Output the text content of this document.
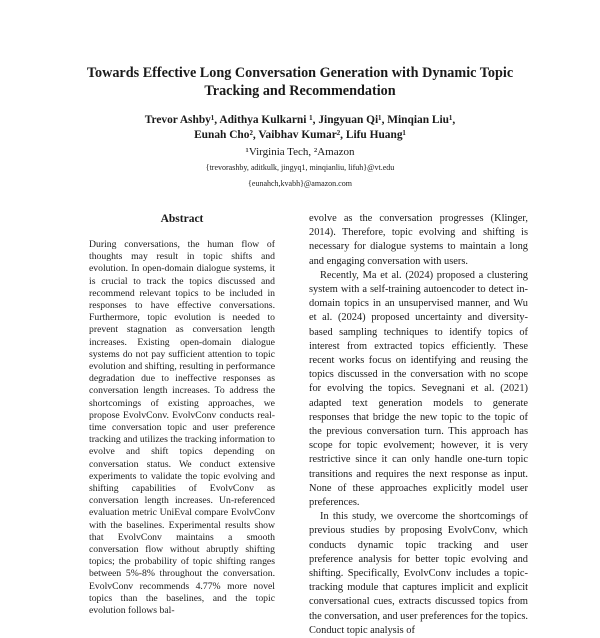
Towards Effective Long Conversation Generation with Dynamic Topic Tracking and Recommendation
Trevor Ashby¹, Adithya Kulkarni ¹, Jingyuan Qi¹, Minqian Liu¹,
Eunah Cho², Vaibhav Kumar², Lifu Huang¹
¹Virginia Tech, ²Amazon
{trevorashby, aditkulk, jingyq1, minqianliu, lifuh}@vt.edu
{eunahch,kvabh}@amazon.com
Abstract

During conversations, the human flow of thoughts may result in topic shifts and evolution. In open-domain dialogue systems, it is crucial to track the topics discussed and recommend relevant topics to be included in responses to have effective conversations. Furthermore, topic evolution is needed to prevent stagnation as conversation length increases. Existing open-domain dialogue systems do not pay sufficient attention to topic evolution and shifting, resulting in performance degradation due to ineffective responses as conversation length increases. To address the shortcomings of existing approaches, we propose EvolvConv. EvolvConv conducts real-time conversation topic and user preference tracking and utilizes the tracking information to evolve and shift topics depending on conversation status. We conduct extensive experiments to validate the topic evolving and shifting capabilities of EvolvConv as conversation length increases. Un-referenced evaluation metric UniEval compare EvolvConv with the baselines. Experimental results show that EvolvConv maintains a smooth conversation flow without abruptly shifting topics; the probability of topic shifting ranges between 5%-8% throughout the conversation. EvolvConv recommends 4.77% more novel topics than the baselines, and the topic evolution follows bal-

evolve as the conversation progresses (Klinger, 2014). Therefore, topic evolving and shifting is necessary for dialogue systems to maintain a long and engaging conversation with users.

Recently, Ma et al. (2024) proposed a clustering system with a self-training autoencoder to detect in-domain topics in an unsupervised manner, and Wu et al. (2024) proposed uncertainty and diversity-based sampling techniques to identify topics of interest from extracted topics efficiently. These recent works focus on identifying and reusing the topics discussed in the conversation with no scope for evolving the topics. Sevegnani et al. (2021) adapted text generation models to generate responses that bridge the new topic to the topic of the previous conversation turn. This approach has scope for topic evolvement; however, it is very restrictive since it can only handle one-turn topic transitions and requires the next response as input. None of these approaches explicitly model user preferences.

In this study, we overcome the shortcomings of previous studies by proposing EvolvConv, which conducts dynamic topic tracking and user preference analysis for better topic evolving and shifting. Specifically, EvolvConv includes a topic-tracking module that captures implicit and explicit conversational cues, extracts discussed topics from the conversation, and user preferences for the topics. Conduct topic analysis of
